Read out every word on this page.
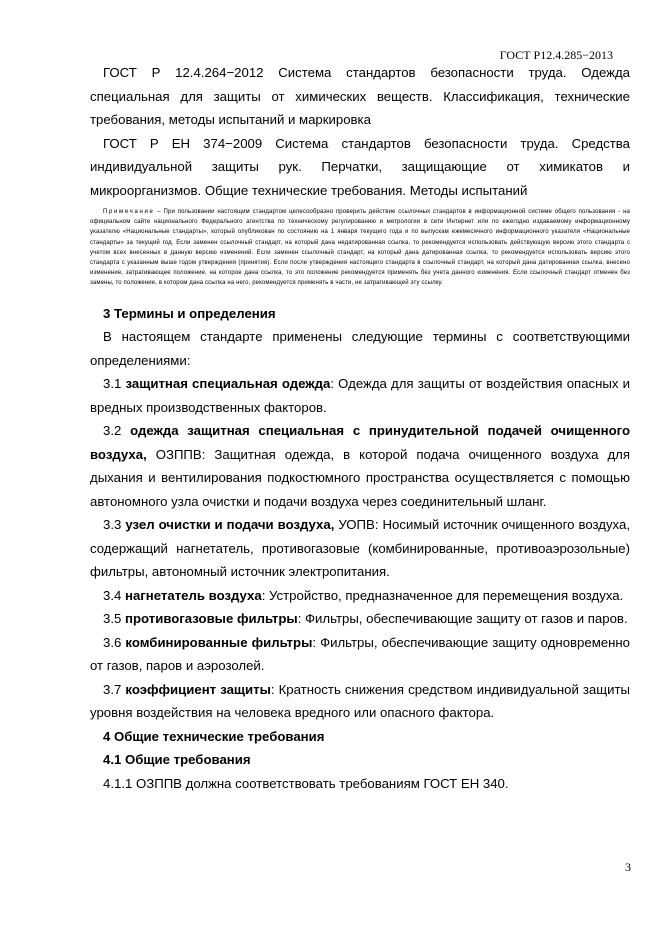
ГОСТ Р12.4.285−2013

ГОСТ Р 12.4.264−2012 Система стандартов безопасности труда. Одежда специальная для защиты от химических веществ. Классификация, технические требования, методы испытаний и маркировка

ГОСТ Р ЕН 374−2009 Система стандартов безопасности труда. Средства индивидуальной защиты рук. Перчатки, защищающие от химикатов и микроорганизмов. Общие технические требования. Методы испытаний

Примечание – При пользовании настоящим стандартом целесообразно проверить действие ссылочных стандартов в информационной системе общего пользования - на официальном сайте национального Федерального агентства по техническому регулированию и метрологии в сети Интернет или по ежегодно издаваемому информационному указателю «Национальные стандарты», который опубликован по состоянию на 1 января текущего года и по выпускам ежемесячного информационного указателя «Национальные стандарты» за текущий год. Если заменен ссылочный стандарт, на который дана недатированная ссылка, то рекомендуется использовать действующую версию этого стандарта с учетом всех внесенных в данную версию изменений. Если заменен ссылочный стандарт, на который дана датированная ссылка, то рекомендуется использовать версию этого стандарта с указанным выше годом утверждения (принятия). Если после утверждения настоящего стандарта в ссылочный стандарт, на который дана датированная ссылка, внесено изменение, затрагивающее положение, на которое дана ссылка, то это положение рекомендуется применять без учета данного изменения. Если ссылочный стандарт отменен без замены, то положение, в котором дана ссылка на него, рекомендуется применять в части, не затрагивающей эту ссылку.

3 Термины и определения

В настоящем стандарте применены следующие термины с соответствующими определениями:

3.1 защитная специальная одежда: Одежда для защиты от воздействия опасных и вредных производственных факторов.

3.2 одежда защитная специальная с принудительной подачей очищенного воздуха, ОЗППВ: Защитная одежда, в которой подача очищенного воздуха для дыхания и вентилирования подкостюмного пространства осуществляется с помощью автономного узла очистки и подачи воздуха через соединительный шланг.

3.3 узел очистки и подачи воздуха, УОПВ: Носимый источник очищенного воздуха, содержащий нагнетатель, противогазовые (комбинированные, противоаэрозольные) фильтры, автономный источник электропитания.

3.4 нагнетатель воздуха: Устройство, предназначенное для перемещения воздуха.

3.5 противогазовые фильтры: Фильтры, обеспечивающие защиту от газов и паров.

3.6 комбинированные фильтры: Фильтры, обеспечивающие защиту одновременно от газов, паров и аэрозолей.

3.7 коэффициент защиты: Кратность снижения средством индивидуальной защиты уровня воздействия на человека вредного или опасного фактора.

4 Общие технические требования

4.1 Общие требования

4.1.1 ОЗППВ должна соответствовать требованиям ГОСТ ЕН 340.

3
